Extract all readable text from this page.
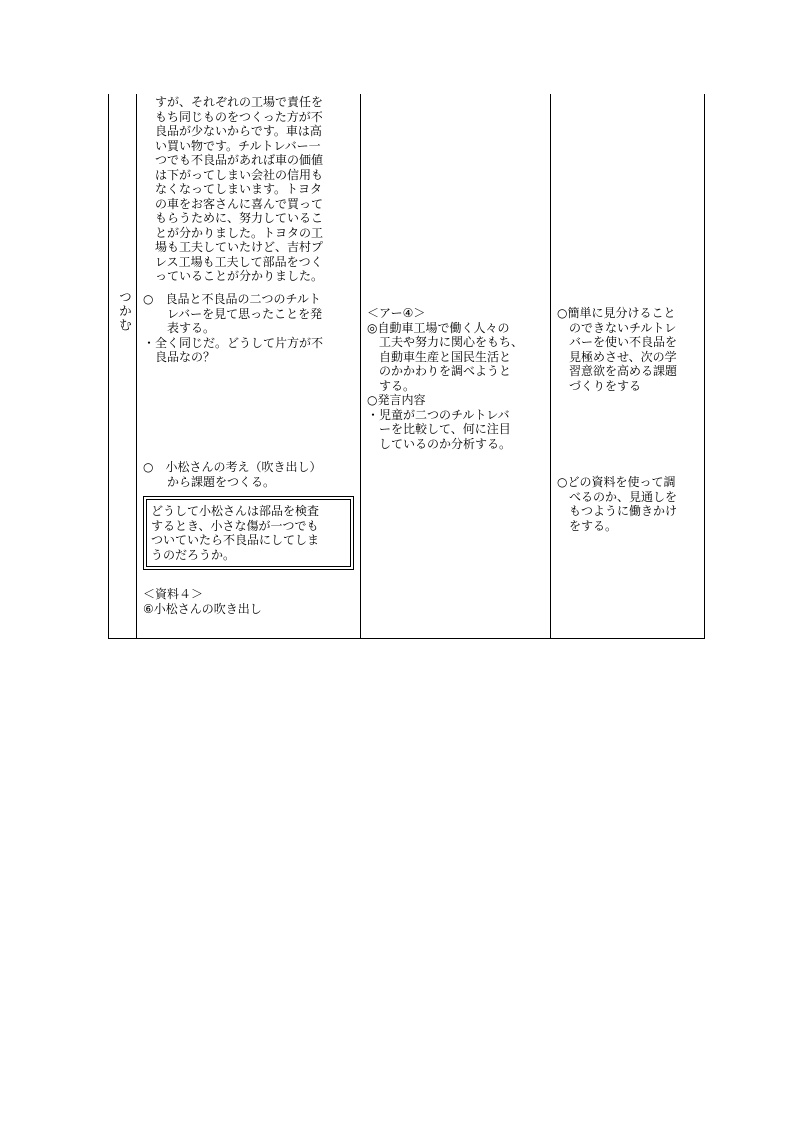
つかむ
　すが、それぞれの工場で責任を
　もち同じものをつくった方が不
　良品が少ないからです。車は高
　い買い物です。チルトレバー一
　つでも不良品があれば車の価値
　は下がってしまい会社の信用も
　なくなってしまいます。トヨタ
　の車をお客さんに喜んで買って
　もらうために、努力しているこ
　とが分かりました。トヨタの工
　場も工夫していたけど、吉村プ
　レス工場も工夫して部品をつく
　っていることが分かりました。
○　良品と不良品の二つのチルト
　　レバーを見て思ったことを発
　　表する。
・全く同じだ。どうして片方が不
　良品なの？
○　小松さんの考え（吹き出し）
　　から課題をつくる。
どうして小松さんは部品を検査
するとき、小さな傷が一つでも
ついていたら不良品にしてしま
うのだろうか。
＜資料４＞
⑥小松さんの吹き出し
＜アー④＞
◎自動車工場で働く人々の
　工夫や努力に関心をもち、
　自動車生産と国民生活と
　のかかわりを調べようと
　する。
○発言内容
・児童が二つのチルトレバ
　ーを比較して、何に注目
　しているのか分析する。
○簡単に見分けること
　のできないチルトレ
　バーを使い不良品を
　見極めさせ、次の学
　習意欲を高める課題
　づくりをする
○どの資料を使って調
　べるのか、見通しを
　もつように働きかけ
　をする。
